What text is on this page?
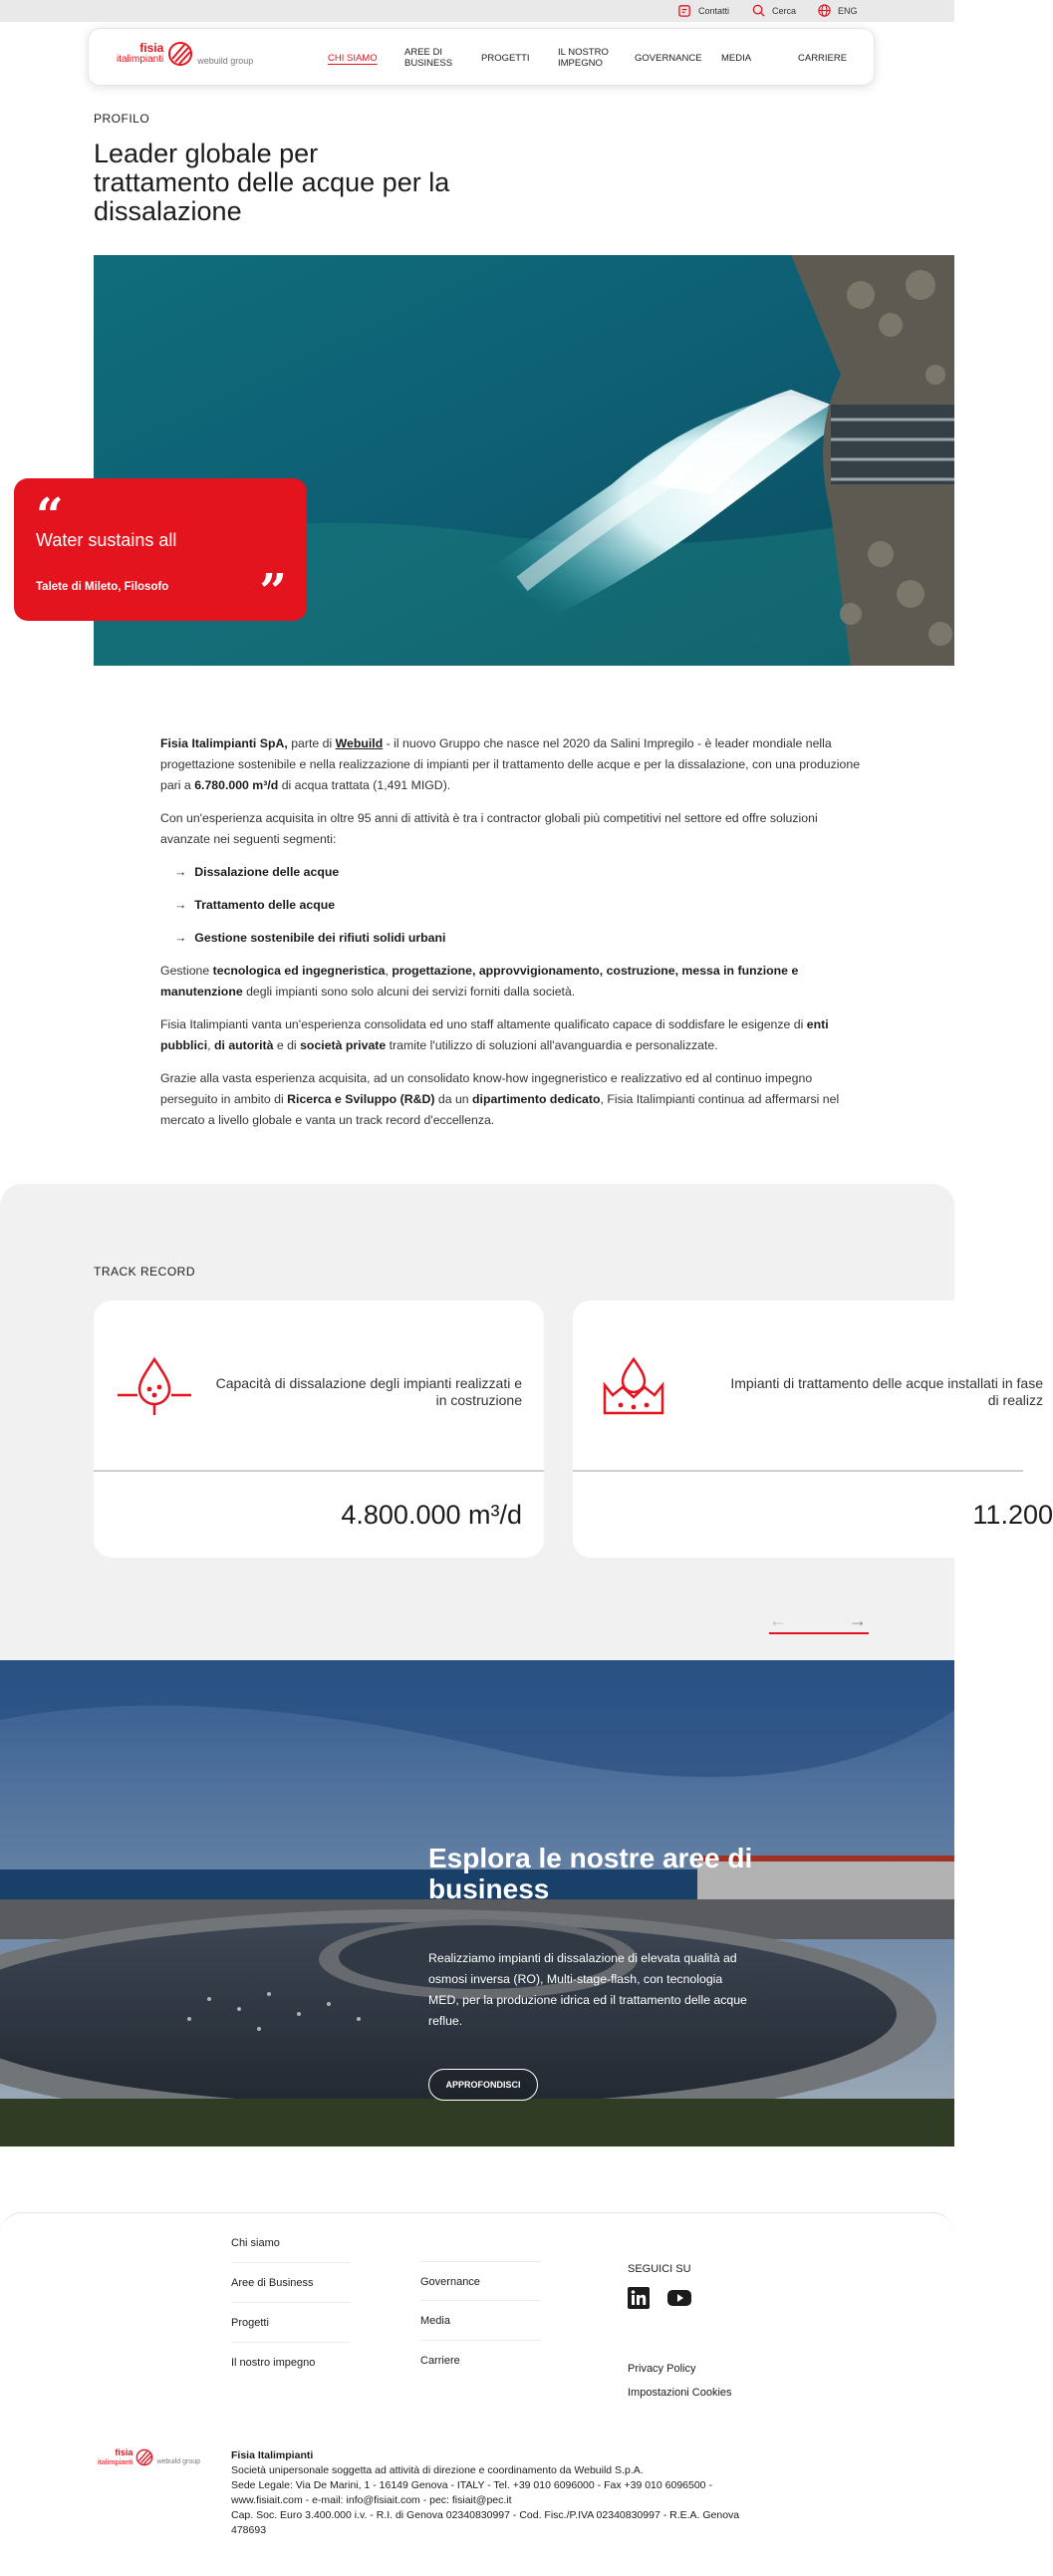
Contatti	Cerca	ENG
fisia
italimpianti	webuild group	CHI SIAMO	AREE DI BUSINESS	PROGETTI	IL NOSTRO IMPEGNO	GOVERNANCE MEDIA	CARRIERE
PROFILO
Leader globale per trattamento delle acque per la dissalazione
“

Water sustains all

Talete di Mileto, Filosofo ”

Fisia Italimpianti SpA, parte di Webuild - il nuovo Gruppo che nasce nel 2020 da Salini Impregilo - è leader mondiale nella progettazione sostenibile e nella realizzazione di impianti per il trattamento delle acque e per la dissalazione, con una produzione pari a 6.780.000 m³/d di acqua trattata (1,491 MIGD).

Con un'esperienza acquisita in oltre 95 anni di attività è tra i contractor globali più competitivi nel settore ed offre soluzioni avanzate nei seguenti segmenti:

→ Dissalazione delle acque
→ Trattamento delle acque
→ Gestione sostenibile dei rifiuti solidi urbani

Gestione tecnologica ed ingegneristica, progettazione, approvvigionamento, costruzione, messa in funzione e manutenzione degli impianti sono solo alcuni dei servizi forniti dalla società.

Fisia Italimpianti vanta un'esperienza consolidata ed uno staff altamente qualificato capace di soddisfare le esigenze di enti pubblici, di autorità e di società private tramite l'utilizzo di soluzioni all'avanguardia e personalizzate.

Grazie alla vasta esperienza acquisita, ad un consolidato know-how ingegneristico e realizzativo ed al continuo impegno perseguito in ambito di Ricerca e Sviluppo (R&D) da un dipartimento dedicato, Fisia Italimpianti continua ad affermarsi nel mercato a livello globale e vanta un track record d'eccellenza.

TRACK RECORD

Capacità di dissalazione degli impianti realizzati e in costruzione

4.800.000 m³/d

Impianti di trattamento delle acque installati in fase di realizz

11.200

←	→
Esplora le nostre aree di business

Realizziamo impianti di dissalazione di elevata qualità ad osmosi inversa (RO), Multi-stage-flash, con tecnologia MED, per la produzione idrica ed il trattamento delle acque reflue.

APPROFONDISCI
Chi siamo
Aree di Business
Progetti
Il nostro impegno
Governance
Media
Carriere

SEGUICI SU

Privacy Policy
Impostazioni Cookies
fisia
italimpianti	webuild group	Fisia Italimpianti
Società unipersonale soggetta ad attività di direzione e coordinamento da Webuild S.p.A.
Sede Legale: Via De Marini, 1 - 16149 Genova - ITALY - Tel. +39 010 6096000 - Fax +39 010 6096500 - www.fisiait.com - e-mail: info@fisiait.com - pec: fisiait@pec.it
Cap. Soc. Euro 3.400.000 i.v. - R.I. di Genova 02340830997 - Cod. Fisc./P.IVA 02340830997 - R.E.A. Genova 478693
